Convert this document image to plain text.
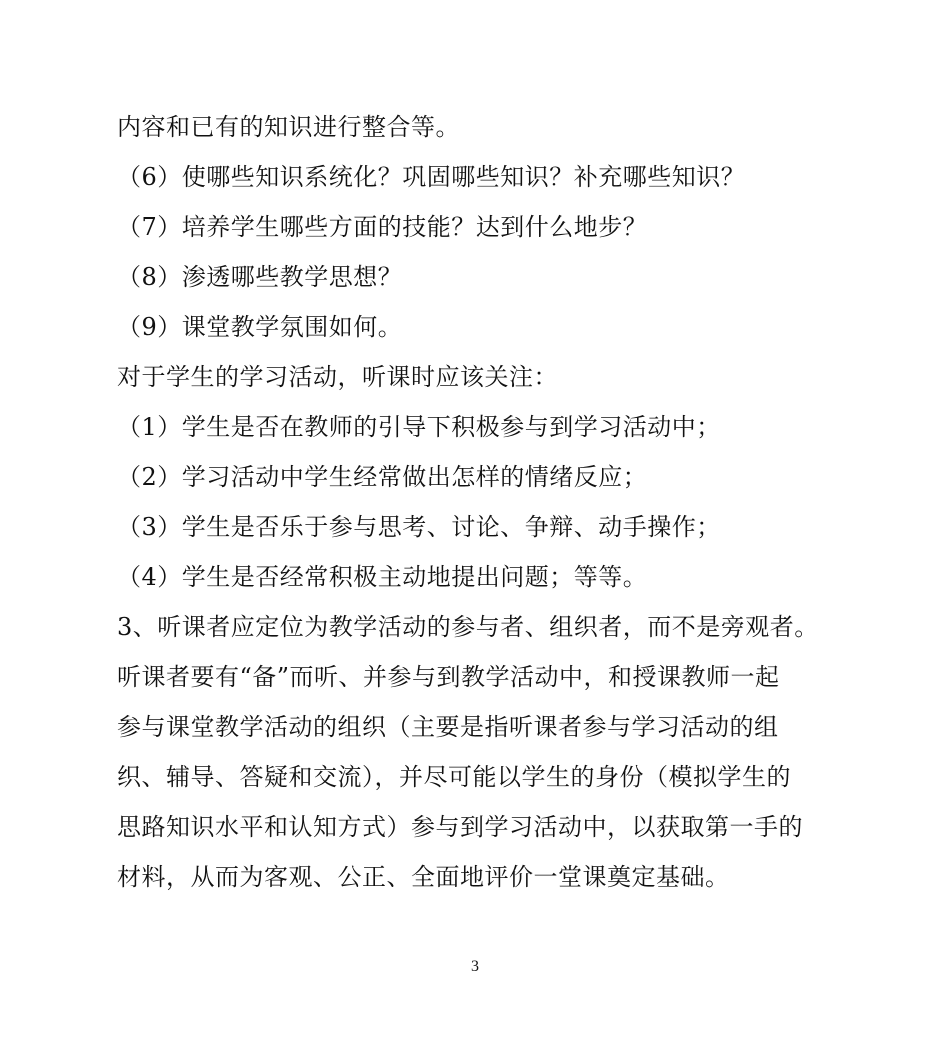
内容和已有的知识进行整合等。
（6）使哪些知识系统化？巩固哪些知识？补充哪些知识？
（7）培养学生哪些方面的技能？达到什么地步？
（8）渗透哪些教学思想？
（9）课堂教学氛围如何。
对于学生的学习活动，听课时应该关注：
（1）学生是否在教师的引导下积极参与到学习活动中；
（2）学习活动中学生经常做出怎样的情绪反应；
（3）学生是否乐于参与思考、讨论、争辩、动手操作；
（4）学生是否经常积极主动地提出问题；等等。
3、听课者应定位为教学活动的参与者、组织者，而不是旁观者。
听课者要有“备”而听、并参与到教学活动中，和授课教师一起
参与课堂教学活动的组织（主要是指听课者参与学习活动的组
织、辅导、答疑和交流），并尽可能以学生的身份（模拟学生的
思路知识水平和认知方式）参与到学习活动中，以获取第一手的
材料，从而为客观、公正、全面地评价一堂课奠定基础。
3
